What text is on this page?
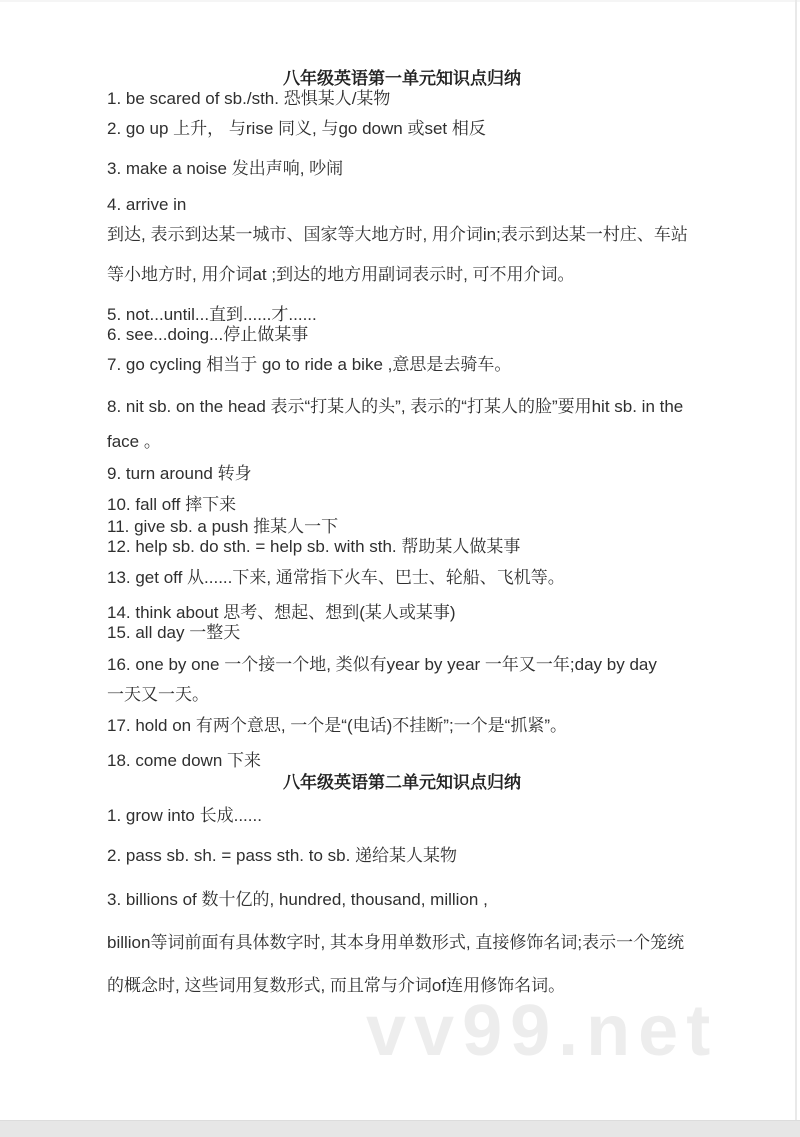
vv99.net
八年级英语第一单元知识点归纳

1. be scared of sb./sth. 恐惧某人/某物

2. go up 上升， 与rise 同义, 与go down 或set 相反

3. make a noise 发出声响, 吵闹

4. arrive in

到达, 表示到达某一城市、国家等大地方时, 用介词in;表示到达某一村庄、车站

等小地方时, 用介词at ;到达的地方用副词表示时, 可不用介词。

5. not...until...直到......才......

6. see...doing...停止做某事

7. go cycling 相当于 go to ride a bike ,意思是去骑车。

8. nit sb. on the head 表示“打某人的头”, 表示的“打某人的脸”要用hit sb. in the

face 。

9. turn around 转身

10. fall off 摔下来

11. give sb. a push 推某人一下

12. help sb. do sth. = help sb. with sth. 帮助某人做某事

13. get off 从......下来, 通常指下火车、巴士、轮船、飞机等。

14. think about 思考、想起、想到(某人或某事)

15. all day 一整天

16. one by one 一个接一个地, 类似有year by year 一年又一年;day by day

一天又一天。

17. hold on 有两个意思, 一个是“(电话)不挂断”;一个是“抓紧”。

18. come down 下来

八年级英语第二单元知识点归纳

1. grow into 长成......

2. pass sb. sh. = pass sth. to sb. 递给某人某物

3. billions of 数十亿的, hundred, thousand, million ,

billion等词前面有具体数字时, 其本身用单数形式, 直接修饰名词;表示一个笼统

的概念时, 这些词用复数形式, 而且常与介词of连用修饰名词。
